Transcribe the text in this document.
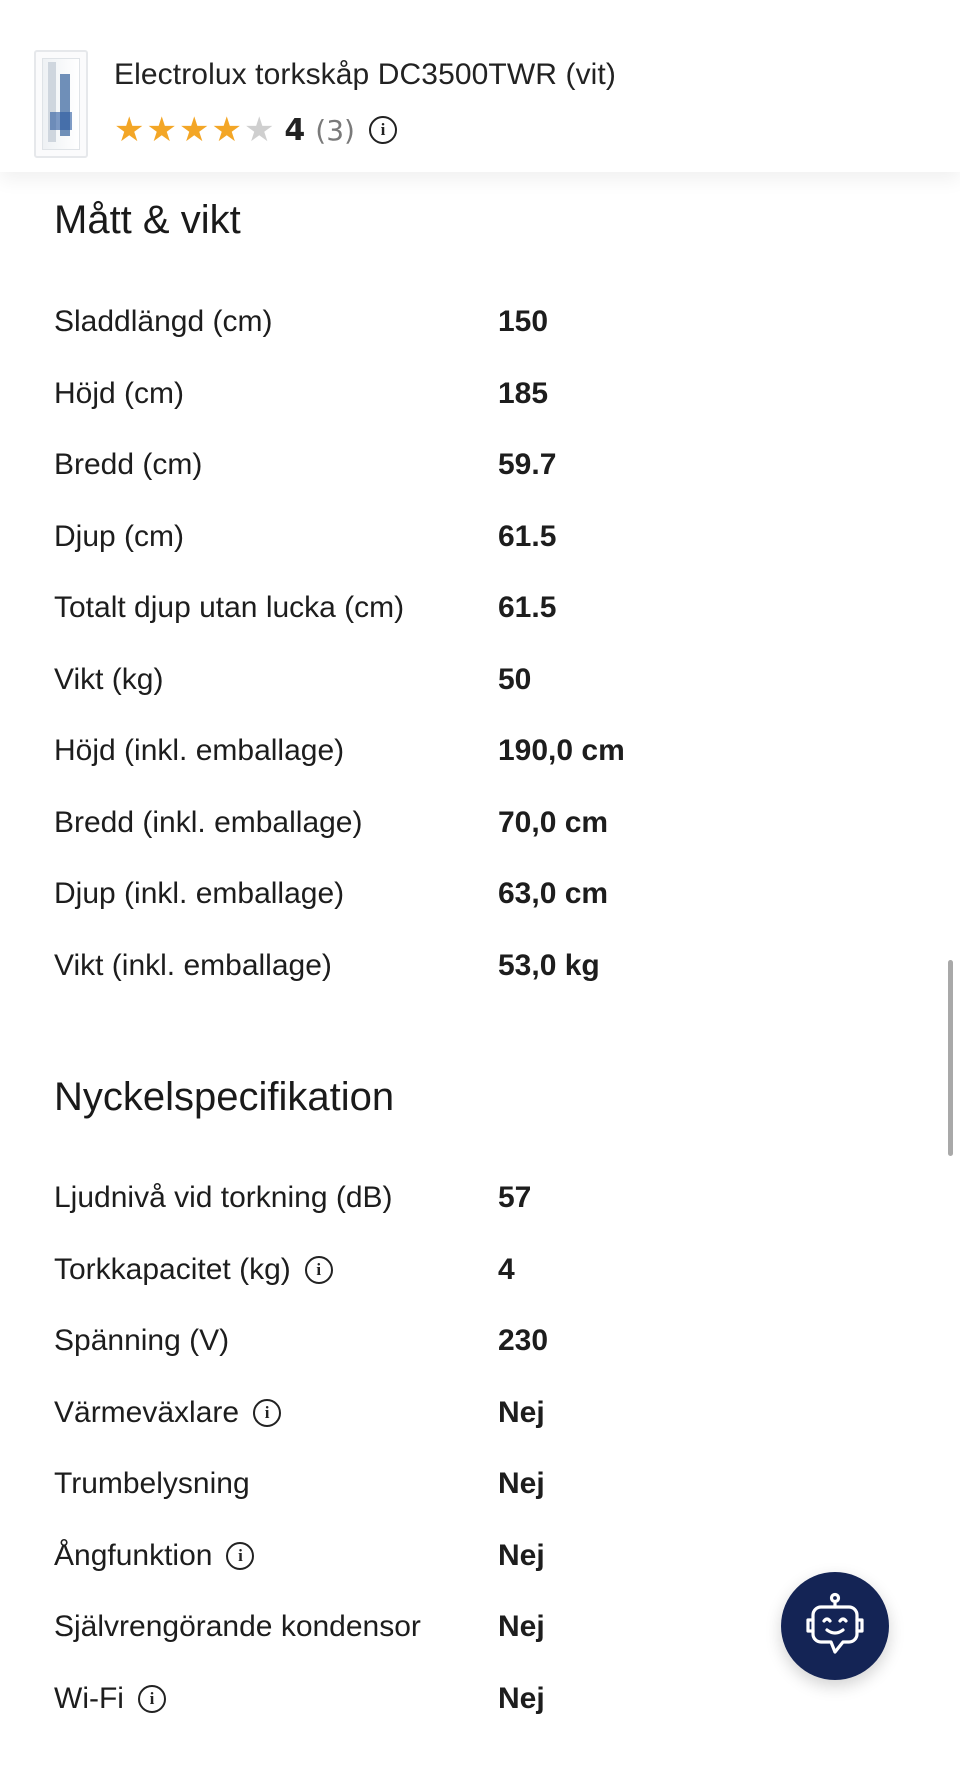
Electrolux torkskåp DC3500TWR (vit)
★ ★ ★ ★ ★ 4 (3)	i
Mått & vikt
Sladdlängd (cm)	150
Höjd (cm)	185
Bredd (cm)	59.7
Djup (cm)	61.5
Totalt djup utan lucka (cm)	61.5
Vikt (kg)	50
Höjd (inkl. emballage)	190,0 cm
Bredd (inkl. emballage)	70,0 cm
Djup (inkl. emballage)	63,0 cm
Vikt (inkl. emballage)	53,0 kg
Nyckelspecifikation
Ljudnivå vid torkning (dB)	57
Torkkapacitet (kg)	i	4
Spänning (V)	230
Värmeväxlare	i	Nej
Trumbelysning	Nej
Ångfunktion	i	Nej
Självrengörande kondensor	Nej
Wi-Fi	i	Nej
